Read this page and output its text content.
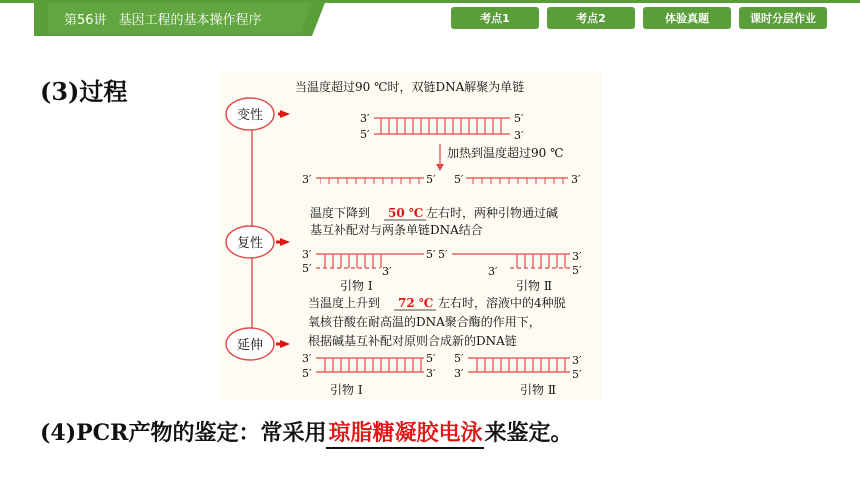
第56讲 基因工程的基本操作程序	考点1	考点2	体验真题	课时分层作业
(3)过程
变性
复性
延伸
当温度超过90 ℃时，双链DNA解聚为单链
3′
5′
5′
3′
加热到温度超过90 ℃
3′	5′ 5′	3′
温度下降到 50 ℃ 左右时，两种引物通过碱
基互补配对与两条单链DNA结合
3′
5′	3′
5′ 5′
3′
3′
5′
引物 Ⅰ	引物 Ⅱ
当温度上升到 72 ℃ 左右时，溶液中的4种脱
氧核苷酸在耐高温的DNA聚合酶的作用下，
根据碱基互补配对原则合成新的DNA链
3′
5′
5′
3′
5′
3′
3′
5′
引物 Ⅰ	引物 Ⅱ
(4)PCR产物的鉴定：常采用琼脂糖凝胶电泳来鉴定。
